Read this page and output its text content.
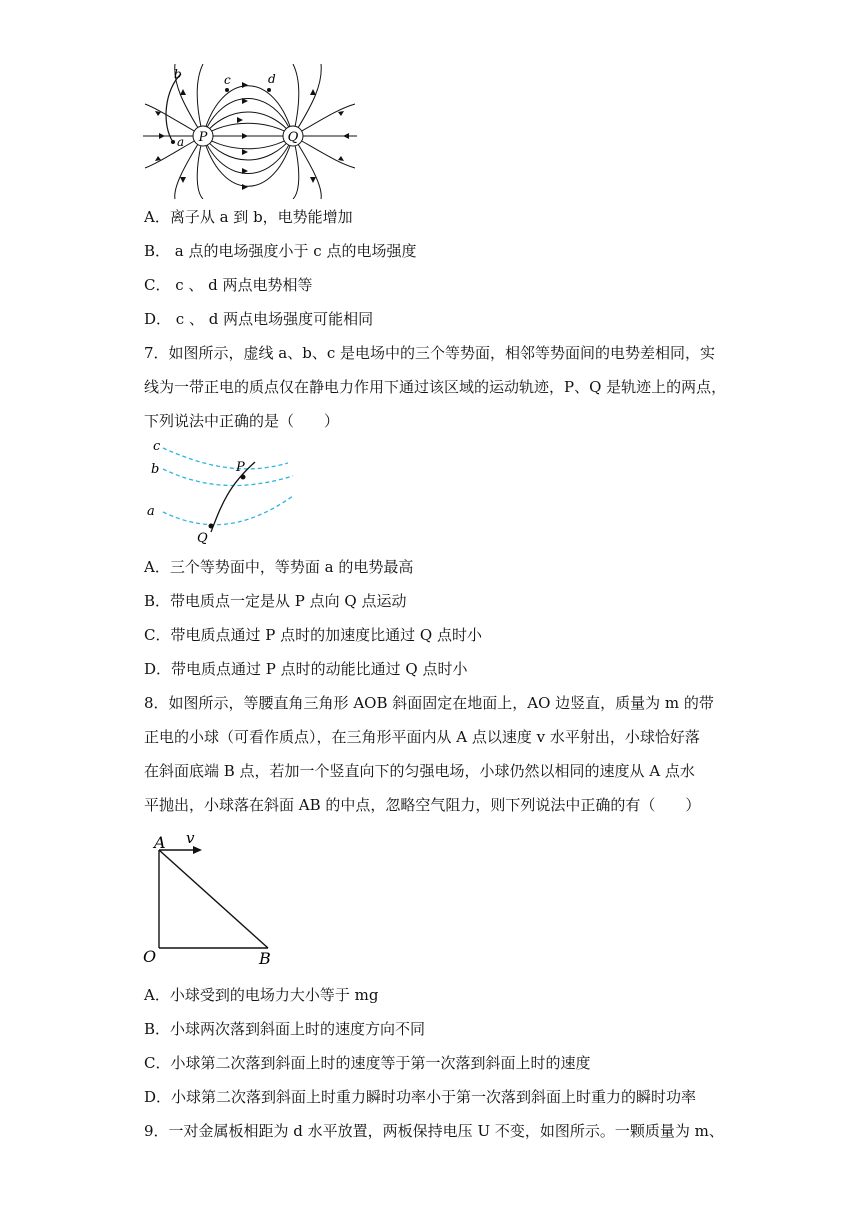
P	Q
b
a
c	d
A．离子从 a 到 b，电势能增加
B． a 点的电场强度小于 c 点的电场强度
C． c 、 d 两点电势相等
D． c 、 d 两点电场强度可能相同
7．如图所示，虚线 a、b、c 是电场中的三个等势面，相邻等势面间的电势差相同，实
线为一带正电的质点仅在静电力作用下通过该区域的运动轨迹，P、Q 是轨迹上的两点，
下列说法中正确的是（　　）
c
b
a
P
Q
A．三个等势面中，等势面 a 的电势最高
B．带电质点一定是从 P 点向 Q 点运动
C．带电质点通过 P 点时的加速度比通过 Q 点时小
D．带电质点通过 P 点时的动能比通过 Q 点时小
8．如图所示，等腰直角三角形 AOB 斜面固定在地面上，AO 边竖直，质量为 m 的带
正电的小球（可看作质点），在三角形平面内从 A 点以速度 v 水平射出，小球恰好落
在斜面底端 B 点，若加一个竖直向下的匀强电场，小球仍然以相同的速度从 A 点水
平抛出，小球落在斜面 AB 的中点，忽略空气阻力，则下列说法中正确的有（　　）
A v
O	B
A．小球受到的电场力大小等于 mg
B．小球两次落到斜面上时的速度方向不同
C．小球第二次落到斜面上时的速度等于第一次落到斜面上时的速度
D．小球第二次落到斜面上时重力瞬时功率小于第一次落到斜面上时重力的瞬时功率
9．一对金属板相距为 d 水平放置，两板保持电压 U 不变，如图所示。一颗质量为 m、
